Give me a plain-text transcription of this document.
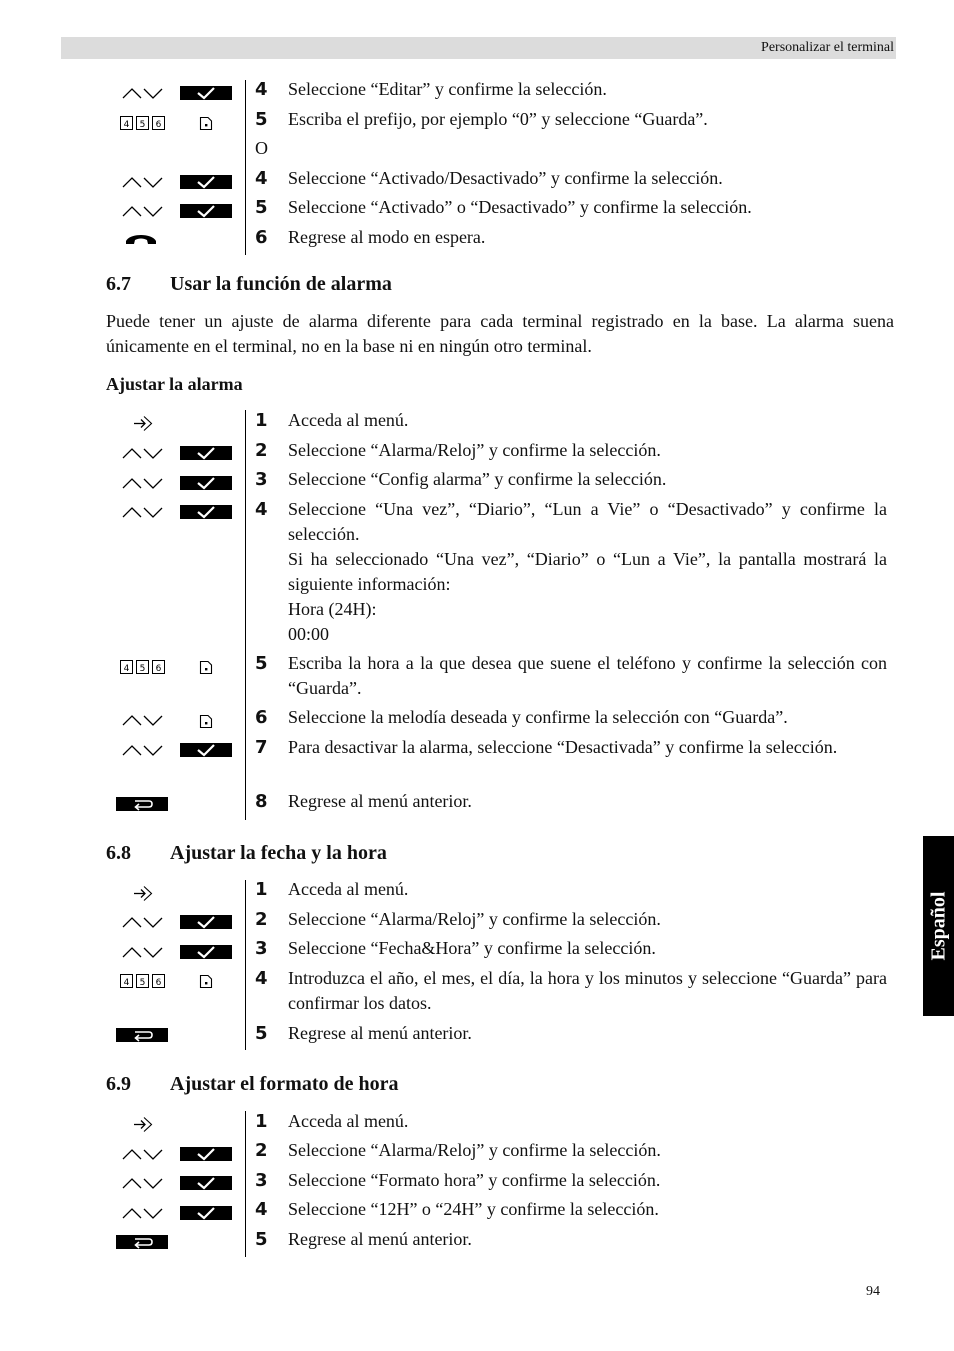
Personalizar el terminal
Español
4 Seleccione “Editar” y confirme la selección.
4 5 6	5 Escriba el prefijo, por ejemplo “0” y seleccione “Guarda”.
O
4 Seleccione “Activado/Desactivado” y confirme la selección.
5 Seleccione “Activado” o “Desactivado” y confirme la selección.
6 Regrese al modo en espera.
6.7 Usar la función de alarma
Puede tener un ajuste de alarma diferente para cada terminal registrado en la base. La alarma suena únicamente en el terminal, no en la base ni en ningún otro terminal.
Ajustar la alarma
1 Acceda al menú.
2 Seleccione “Alarma/Reloj” y confirme la selección.
3 Seleccione “Config alarma” y confirme la selección.
4 Seleccione “Una vez”, “Diario”, “Lun a Vie” o “Desactivado” y confirme la selección.
Si ha seleccionado “Una vez”, “Diario” o “Lun a Vie”, la pantalla mostrará la siguiente información:
Hora (24H):
00:00
4 5 6	5 Escriba la hora a la que desea que suene el teléfono y confirme la selección con “Guarda”.
6 Seleccione la melodía deseada y confirme la selección con “Guarda”.
7 Para desactivar la alarma, seleccione “Desactivada” y confirme la selección.
8 Regrese al menú anterior.
6.8 Ajustar la fecha y la hora
1 Acceda al menú.
2 Seleccione “Alarma/Reloj” y confirme la selección.
3 Seleccione “Fecha&Hora” y confirme la selección.
4 5 6	4 Introduzca el año, el mes, el día, la hora y los minutos y seleccione “Guarda” para confirmar los datos.
5 Regrese al menú anterior.
6.9 Ajustar el formato de hora
1 Acceda al menú.
2 Seleccione “Alarma/Reloj” y confirme la selección.
3 Seleccione “Formato hora” y confirme la selección.
4 Seleccione “12H” o “24H” y confirme la selección.
5 Regrese al menú anterior.
94
